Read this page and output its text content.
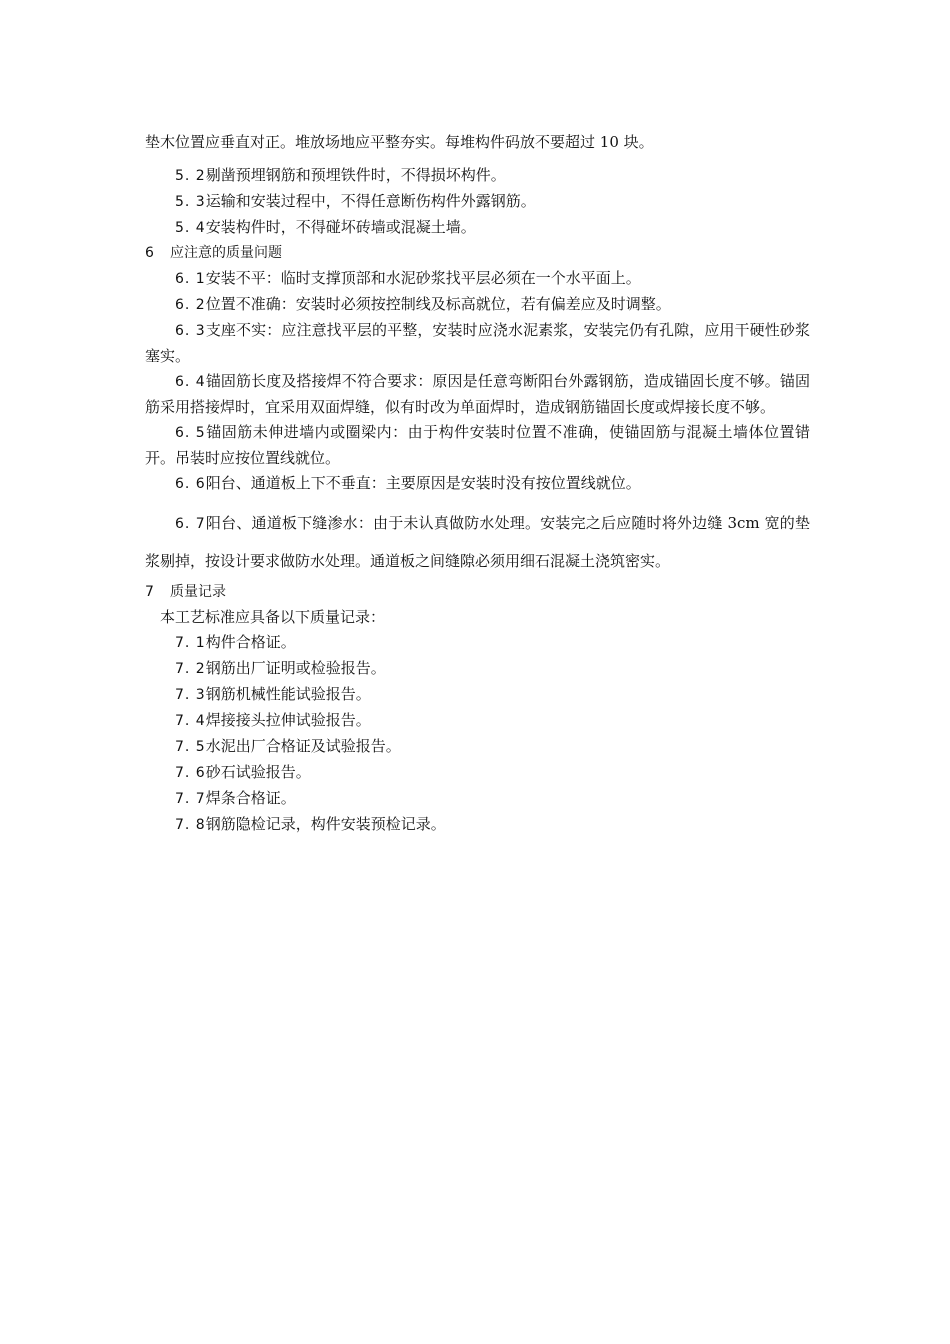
垫木位置应垂直对正。堆放场地应平整夯实。每堆构件码放不要超过 10 块。
5. 2剔凿预埋钢筋和预埋铁件时，不得损坏构件。
5. 3运输和安装过程中，不得任意断伤构件外露钢筋。
5. 4安装构件时，不得碰坏砖墙或混凝土墙。
6 应注意的质量问题
6. 1安装不平：临时支撑顶部和水泥砂浆找平层必须在一个水平面上。
6. 2位置不准确：安装时必须按控制线及标高就位，若有偏差应及时调整。
6. 3支座不实：应注意找平层的平整，安装时应浇水泥素浆，安装完仍有孔隙，应用干硬性砂浆塞实。
6. 4锚固筋长度及搭接焊不符合要求：原因是任意弯断阳台外露钢筋，造成锚固长度不够。锚固筋采用搭接焊时，宜采用双面焊缝，似有时改为单面焊时，造成钢筋锚固长度或焊接长度不够。
6. 5锚固筋未伸进墙内或圈梁内：由于构件安装时位置不准确，使锚固筋与混凝土墙体位置错开。吊装时应按位置线就位。
6. 6阳台、通道板上下不垂直：主要原因是安装时没有按位置线就位。
6. 7阳台、通道板下缝渗水：由于未认真做防水处理。安装完之后应随时将外边缝 3cm 宽的垫浆剔掉，按设计要求做防水处理。通道板之间缝隙必须用细石混凝土浇筑密实。
7 质量记录

本工艺标准应具备以下质量记录：

7. 1构件合格证。
7. 2钢筋出厂证明或检验报告。
7. 3钢筋机械性能试验报告。
7. 4焊接接头拉伸试验报告。
7. 5水泥出厂合格证及试验报告。
7. 6砂石试验报告。
7. 7焊条合格证。
7. 8钢筋隐检记录，构件安装预检记录。
